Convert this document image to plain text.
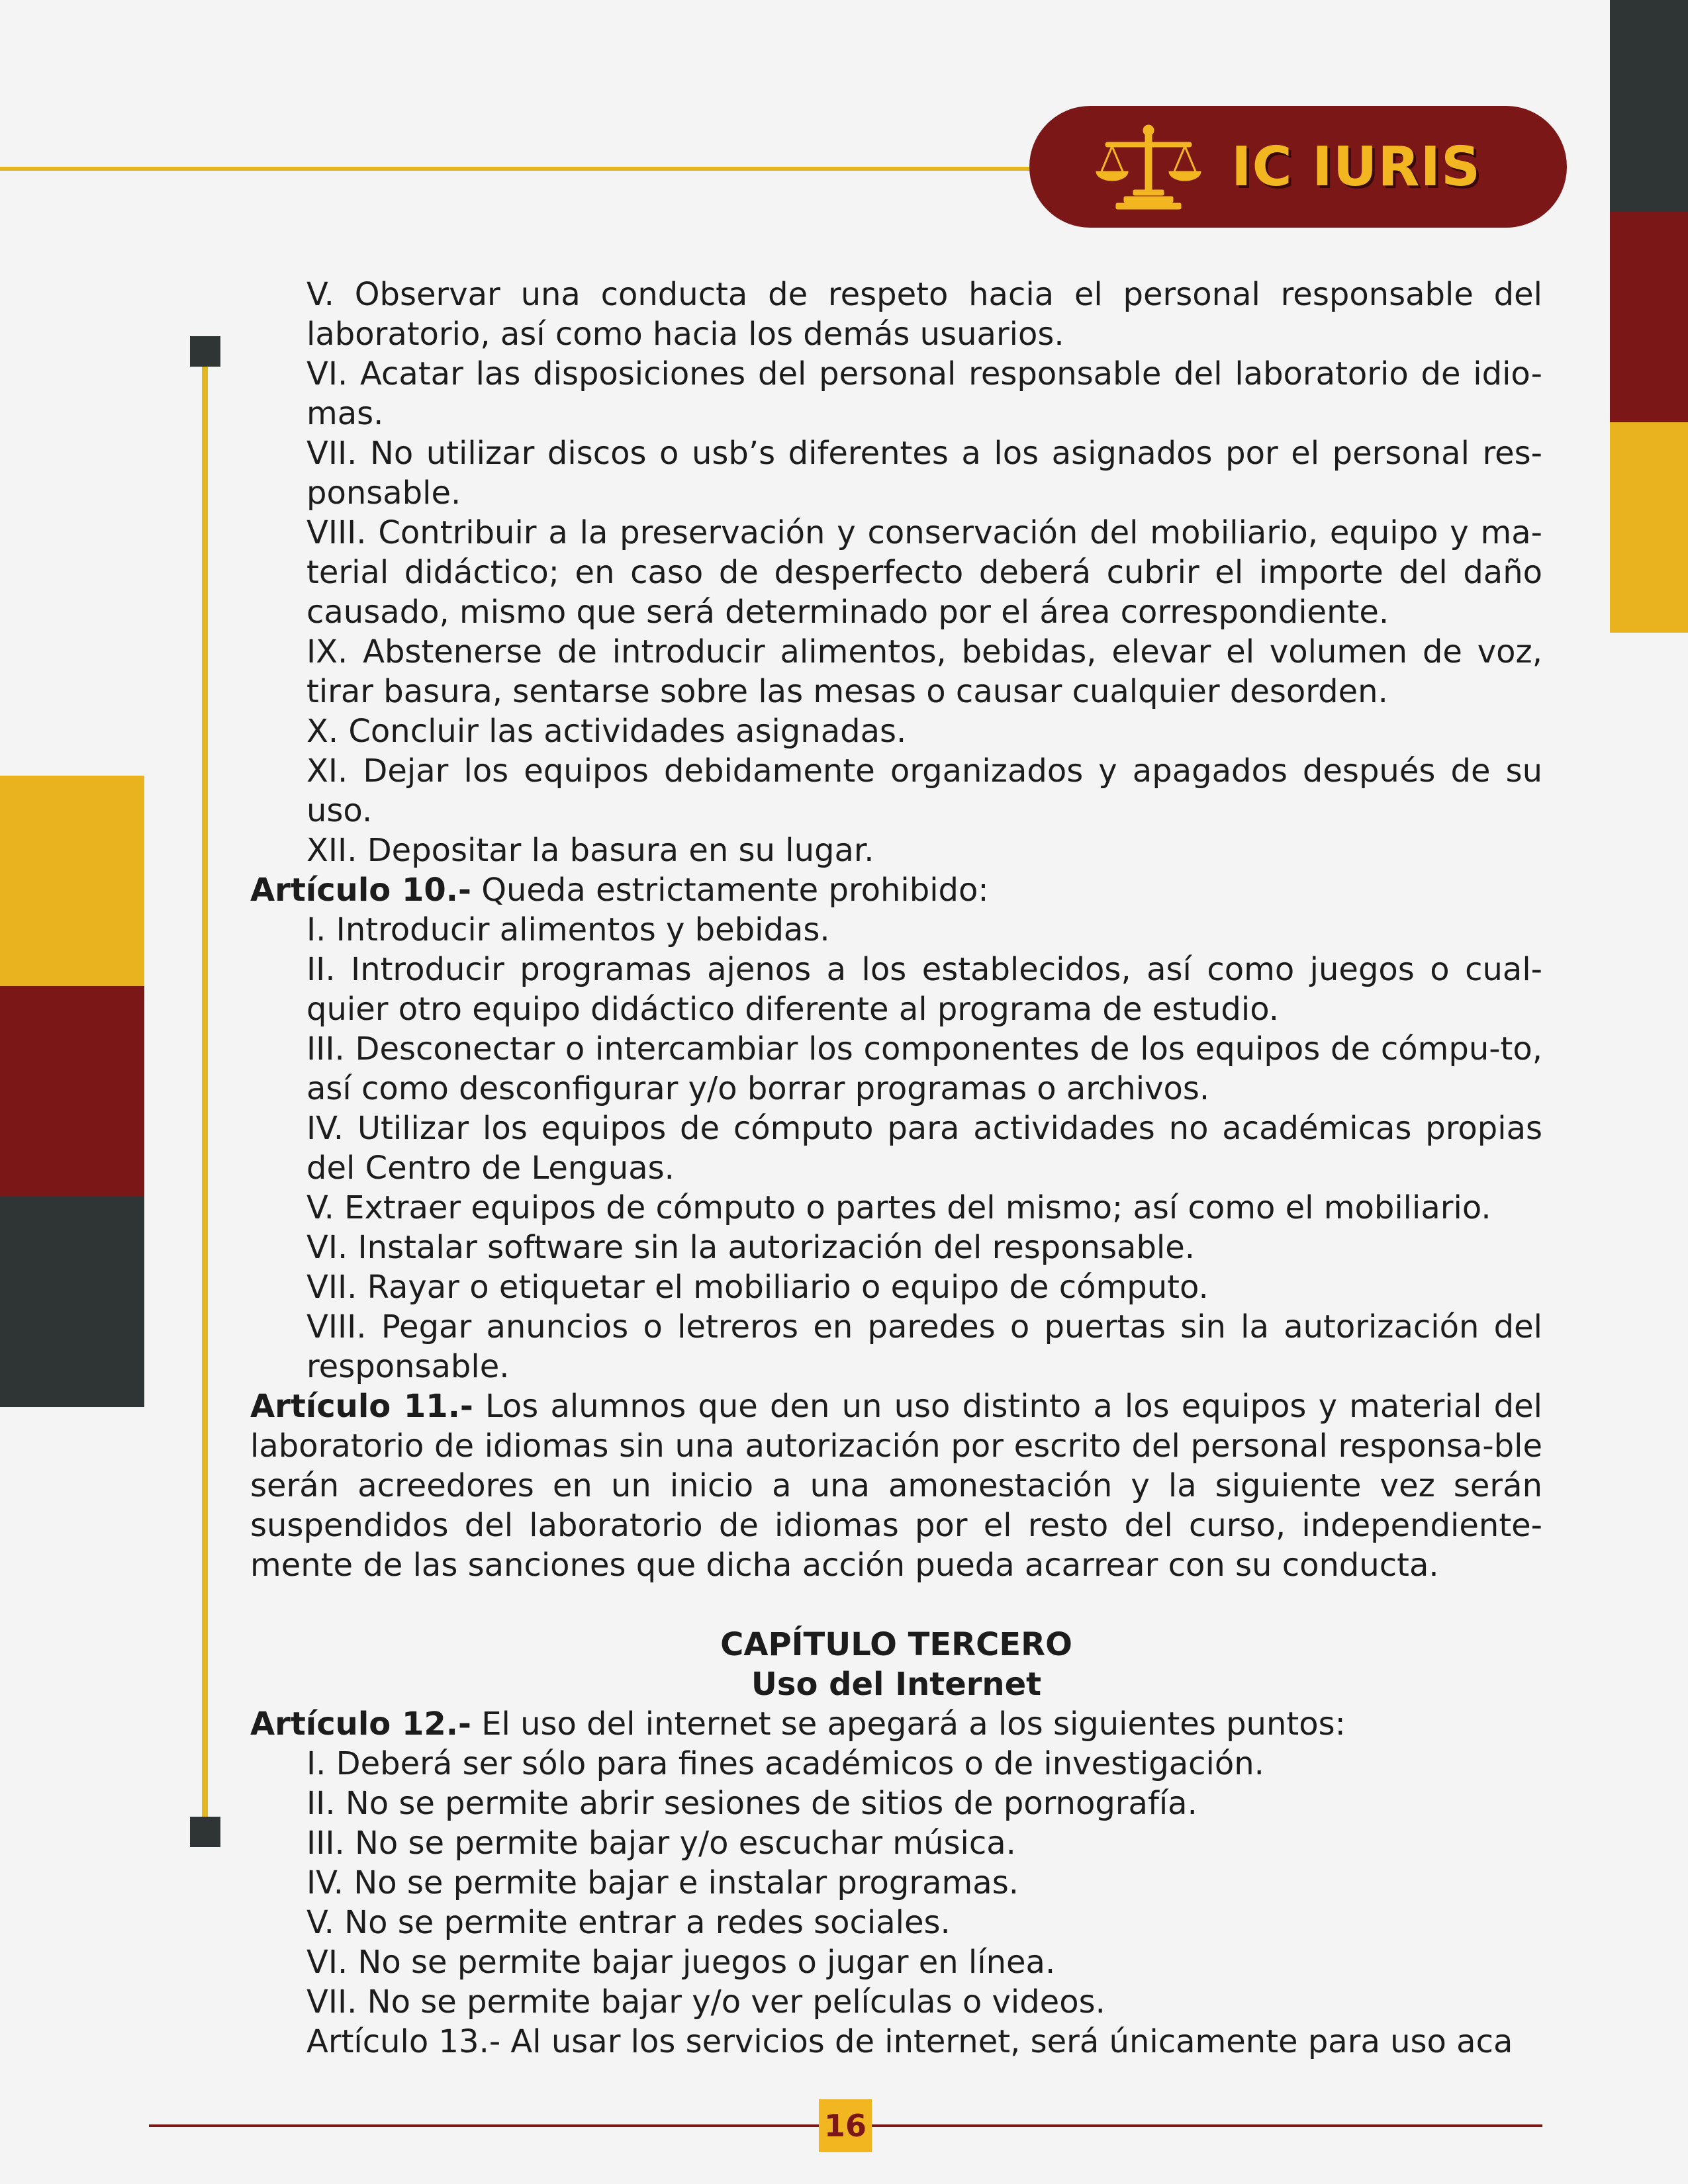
IC IURIS

V. Observar una conducta de respeto hacia el personal responsable del laboratorio, así como hacia los demás usuarios.

VI. Acatar las disposiciones del personal responsable del laboratorio de idio-mas.

VII. No utilizar discos o usb’s diferentes a los asignados por el personal res-ponsable.

VIII. Contribuir a la preservación y conservación del mobiliario, equipo y ma-terial didáctico; en caso de desperfecto deberá cubrir el importe del daño causado, mismo que será determinado por el área correspondiente.

IX. Abstenerse de introducir alimentos, bebidas, elevar el volumen de voz, tirar basura, sentarse sobre las mesas o causar cualquier desorden.

X. Concluir las actividades asignadas.

XI. Dejar los equipos debidamente organizados y apagados después de su uso.

XII. Depositar la basura en su lugar.

Artículo 10.- Queda estrictamente prohibido:

I. Introducir alimentos y bebidas.

II. Introducir programas ajenos a los establecidos, así como juegos o cual-quier otro equipo didáctico diferente al programa de estudio.

III. Desconectar o intercambiar los componentes de los equipos de cómpu-to, así como desconfigurar y/o borrar programas o archivos.

IV. Utilizar los equipos de cómputo para actividades no académicas propias del Centro de Lenguas.

V. Extraer equipos de cómputo o partes del mismo; así como el mobiliario.

VI. Instalar software sin la autorización del responsable.

VII. Rayar o etiquetar el mobiliario o equipo de cómputo.

VIII. Pegar anuncios o letreros en paredes o puertas sin la autorización del responsable.

Artículo 11.- Los alumnos que den un uso distinto a los equipos y material del laboratorio de idiomas sin una autorización por escrito del personal responsa-ble serán acreedores en un inicio a una amonestación y la siguiente vez serán suspendidos del laboratorio de idiomas por el resto del curso, independiente-mente de las sanciones que dicha acción pueda acarrear con su conducta.

CAPÍTULO TERCERO

Uso del Internet

Artículo 12.- El uso del internet se apegará a los siguientes puntos:

I. Deberá ser sólo para fines académicos o de investigación.

II. No se permite abrir sesiones de sitios de pornografía.

III. No se permite bajar y/o escuchar música.

IV. No se permite bajar e instalar programas.

V. No se permite entrar a redes sociales.

VI. No se permite bajar juegos o jugar en línea.

VII. No se permite bajar y/o ver películas o videos.

Artículo 13.- Al usar los servicios de internet, será únicamente para uso aca

16
